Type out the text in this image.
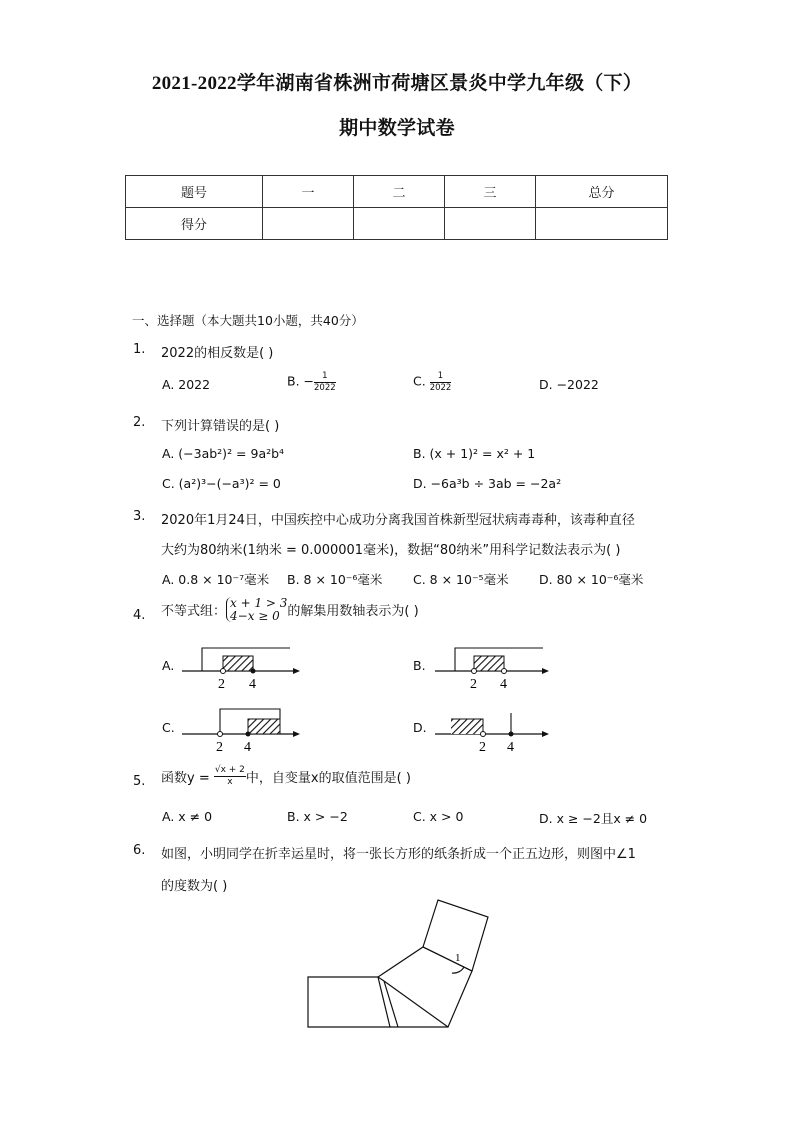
2021-2022学年湖南省株洲市荷塘区景炎中学九年级（下）
期中数学试卷
题号	一	二	三	总分
得分				
一、选择题（本大题共10小题，共40分）
1. 2022的相反数是( )
A. 2022	B. − $\frac{1}{2022}$	C. $\frac{1}{2022}$	D. −2022
2. 下列计算错误的是( )
A. (−3ab²)² = 9a²b⁴	B. (x + 1)² = x² + 1
C. (a²)³−(−a³)² = 0	D. −6a³b ÷ 3ab = −2a²
3. 2020年1月24日，中国疾控中心成功分离我国首株新型冠状病毒毒种，该毒种直径
大约为80纳米(1纳米 = 0.000001毫米)，数据“80纳米”用科学记数法表示为( )
A. 0.8 × 10⁻⁷毫米 B. 8 × 10⁻⁶毫米 C. 8 × 10⁻⁵毫米 D. 80 × 10⁻⁶毫米
4. 不等式组：
x + 1 > 3
4−x ≥ 0 的解集用数轴表示为( )
A.	B.
C.	D.
2 4	2 4
2 4	2 4
5. 函数$y = \frac{√x + 2}{x}$ 中，自变量x的取值范围是( )
A. x ≠ 0	B. x > −2	C. x > 0	D. x ≥ −2且x ≠ 0
6. 如图，小明同学在折幸运星时，将一张长方形的纸条折成一个正五边形，则图中∠1
的度数为( )
1
